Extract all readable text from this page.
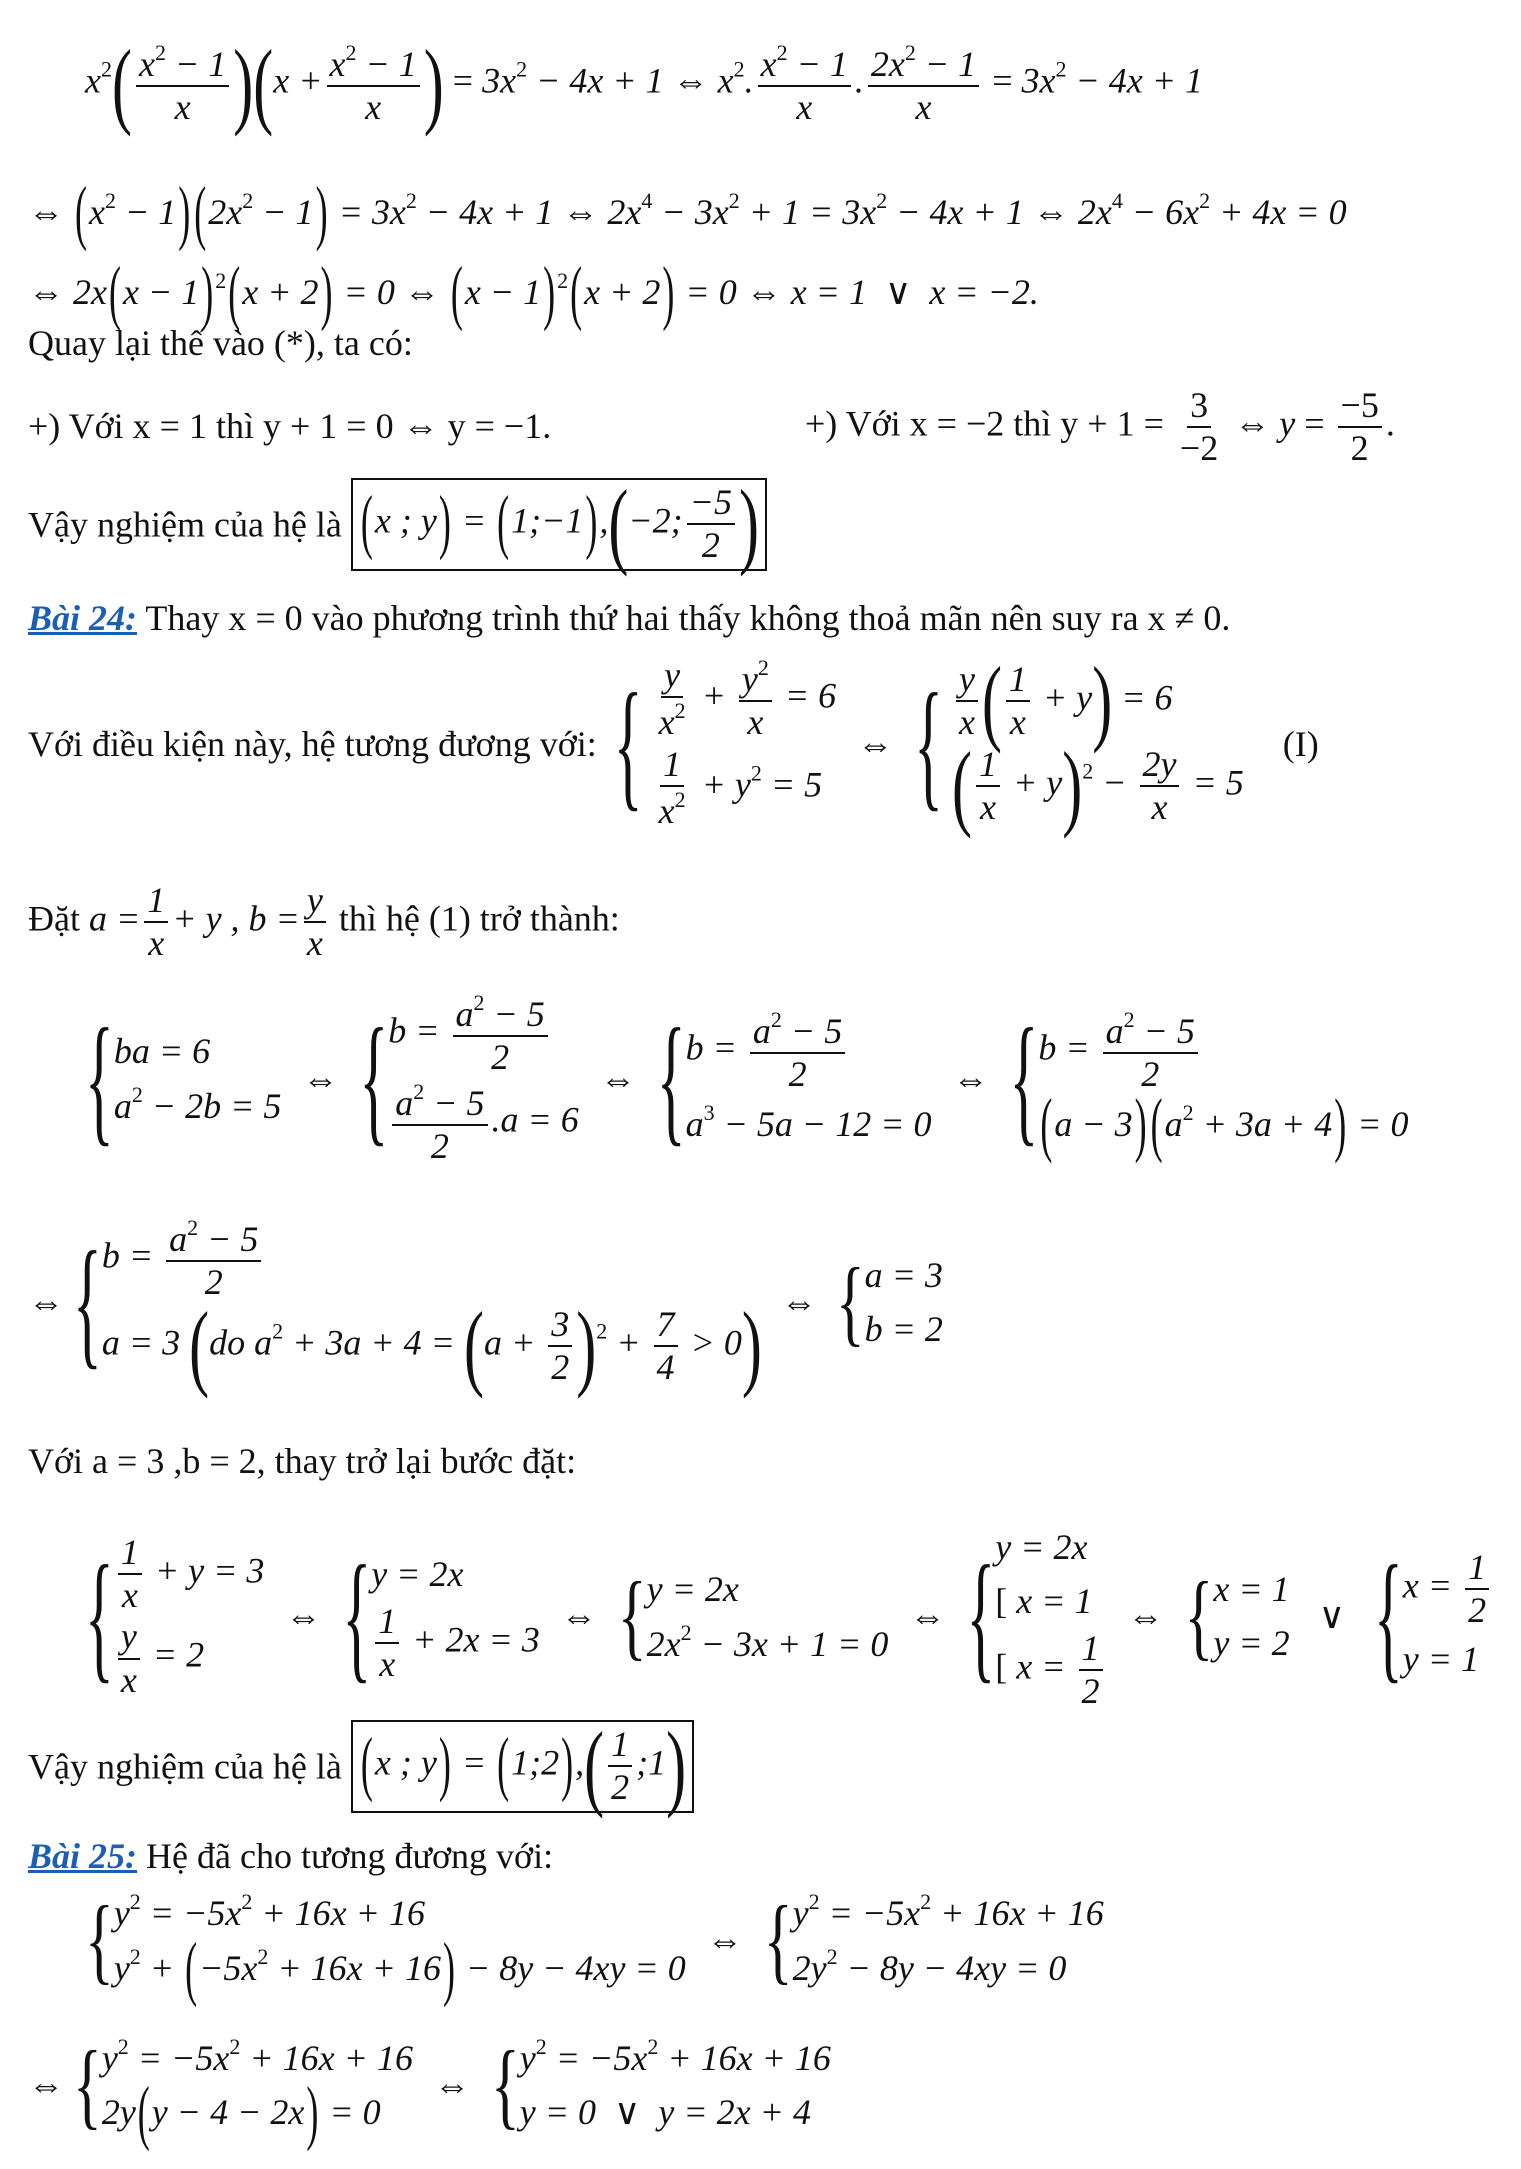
$x^2( \frac{x^2 - 1}{x} )(x + \frac{x^2 - 1}{x}$ ) = $3x^2 - 4x + 1$ ⇔ $x^2$. $\frac{x^2 - 1}{x}$ . $\frac{2x^2 - 1}{x} = 3x^2 - 4x + 1$
⇔ $(x^2 - 1) (2x^2 - 1) = 3x^2 - 4x + 1$ ⇔ $2x^4 - 3x^2 + 1 = 3x^2 - 4x + 1$ ⇔ $2x^4 - 6x^2 + 4x = 0$
⇔ $2x(x - 1)^2(x + 2) = 0$ ⇔ $(x - 1)^2(x + 2) = 0$ ⇔ x = 1  ∨  x = −2.
Quay lại thế vào (*), ta có:
+) Với x = 1 thì y + 1 = 0 ⇔ y = −1.	+) Với x = −2 thì $y + 1 = \frac{3}{-2}$ ⇔ $y = \frac{-5}{2}$ .
Vậy nghiệm của hệ là (x ; y) = (1;−1),(−2; $\frac{-5}{2}$ )
Bài 24: Thay x = 0 vào phương trình thứ hai thấy không thoả mãn nên suy ra x ≠ 0.
Với điều kiện này, hệ tương đương với: { $\frac{y}{x^2} + \frac{y^2}{x} = 6$
$\frac{1}{x^2} + y^2 = 5$
⇔ { $\frac{y}{x}$ ( $\frac{1}{x} + y) = 6$
( $\frac{1}{x} + y)^2 - \frac{2y}{x} = 5$
(I)
Đặt $a = \frac{1}{x} + y$ , $b = \frac{y}{x}$ thì hệ (1) trở thành:
{ ba = 6
$a^2 - 2b = 5$
⇔ { $b = \frac{a^2 - 5}{2}$
$\frac{a^2 - 5}{2} .a = 6$
⇔ { $b = \frac{a^2 - 5}{2}$
$a^3 - 5a - 12 = 0$
⇔ { $b = \frac{a^2 - 5}{2}$
(a − 3) $(a^2 + 3a + 4) = 0$
⇔ { $b = \frac{a^2 - 5}{2}$
a = 3 (do $a^2 + 3a + 4 = (a + \frac{3}{2} )^2 + \frac{7}{4} > 0$) ⇔ { a = 3
b = 2
Với a = 3 ,b = 2, thay trở lại bước đặt:
{ $\frac{1}{x} + y = 3$
$\frac{y}{x} = 2$
⇔ { y = 2x
$\frac{1}{x} + 2x = 3$
⇔ { y = 2x
$2x^2 - 3x + 1 = 0$
⇔ { y = 2x
[ x = 1
[ $x = \frac{1}{2}$
⇔ { x = 1
y = 2
∨ { $x = \frac{1}{2}$
y = 1
Vậy nghiệm của hệ là (x ; y) = (1;2),( $\frac{1}{2}$ ;1)
Bài 25: Hệ đã cho tương đương với:
{ $y^2 = -5x^2 + 16x + 16$
$y^2 + (-5x^2 + 16x + 16) - 8y - 4xy = 0$
⇔ { $y^2 = -5x^2 + 16x + 16$
$2y^2 - 8y - 4xy = 0$
⇔ { $y^2 = -5x^2 + 16x + 16$
2y(y − 4 − 2x) = 0
⇔ { $y^2 = -5x^2 + 16x + 16$
y = 0  ∨  y = 2x + 4
